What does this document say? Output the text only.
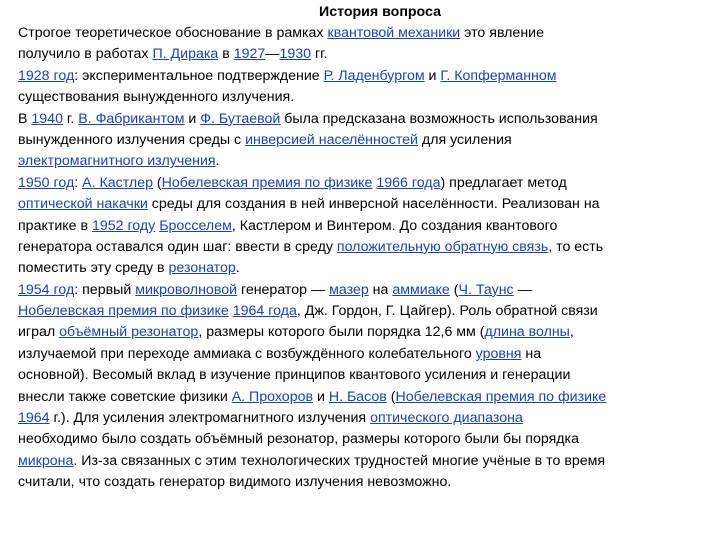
История вопроса
Строгое теоретическое обоснование в рамках квантовой механики это явление
получило в работах П. Дирака в 1927—1930 гг.
1928 год: экспериментальное подтверждение Р. Ладенбургом и Г. Копферманном
существования вынужденного излучения.
В 1940 г. В. Фабрикантом и Ф. Бутаевой была предсказана возможность использования
вынужденного излучения среды с инверсией населённостей для усиления
электромагнитного излучения.
1950 год: А. Кастлер (Нобелевская премия по физике 1966 года) предлагает метод
оптической накачки среды для создания в ней инверсной населённости. Реализован на
практике в 1952 году Бросселем, Кастлером и Винтером. До создания квантового
генератора оставался один шаг: ввести в среду положительную обратную связь, то есть
поместить эту среду в резонатор.
1954 год: первый микроволновой генератор — мазер на аммиаке (Ч. Таунс —
Нобелевская премия по физике 1964 года, Дж. Гордон, Г. Цайгер). Роль обратной связи
играл объёмный резонатор, размеры которого были порядка 12,6 мм (длина волны,
излучаемой при переходе аммиака с возбуждённого колебательного уровня на
основной). Весомый вклад в изучение принципов квантового усиления и генерации
внесли также советские физики А. Прохоров и Н. Басов (Нобелевская премия по физике
1964 г.). Для усиления электромагнитного излучения оптического диапазона
необходимо было создать объёмный резонатор, размеры которого были бы порядка
микрона. Из-за связанных с этим технологических трудностей многие учёные в то время
считали, что создать генератор видимого излучения невозможно.
